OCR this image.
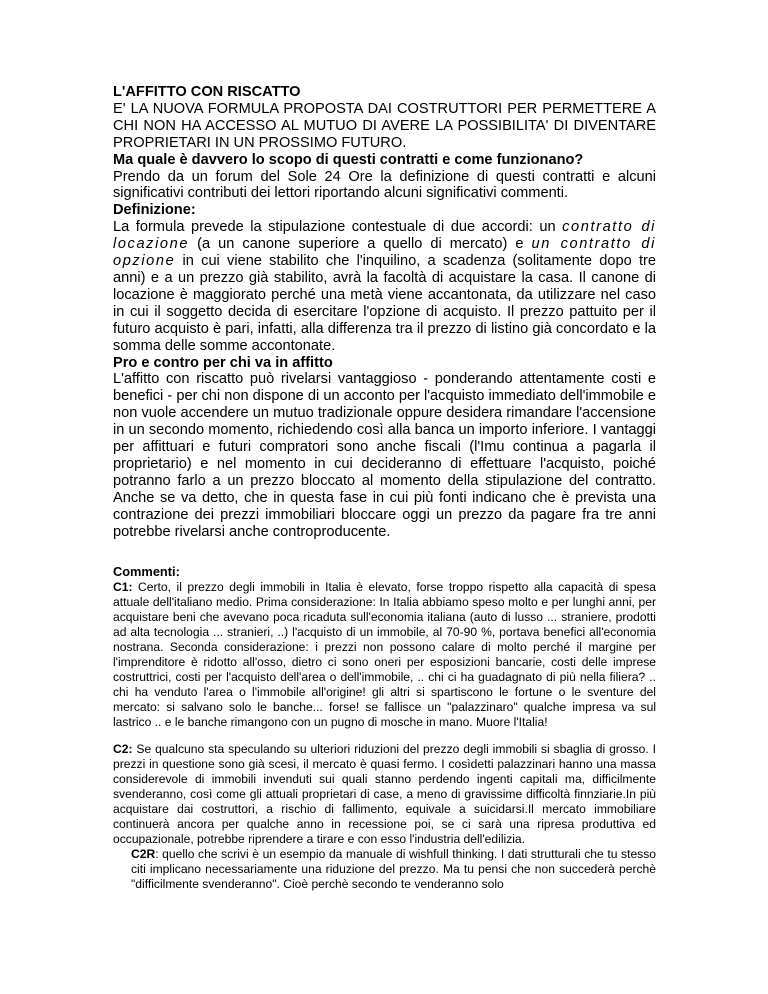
L'AFFITTO CON RISCATTO

E' LA NUOVA FORMULA PROPOSTA DAI COSTRUTTORI PER PERMETTERE A CHI NON HA ACCESSO AL MUTUO DI AVERE LA POSSIBILITA' DI DIVENTARE PROPRIETARI IN UN PROSSIMO FUTURO.

Ma quale è davvero lo scopo di questi contratti e come funzionano?

Prendo da un forum del Sole 24 Ore la definizione di questi contratti e alcuni significativi contributi dei lettori riportando alcuni significativi commenti.

Definizione:

La formula prevede la stipulazione contestuale di due accordi: un contratto di locazione (a un canone superiore a quello di mercato) e un contratto di opzione in cui viene stabilito che l'inquilino, a scadenza (solitamente dopo tre anni) e a un prezzo già stabilito, avrà la facoltà di acquistare la casa. Il canone di locazione è maggiorato perché una metà viene accantonata, da utilizzare nel caso in cui il soggetto decida di esercitare l'opzione di acquisto. Il prezzo pattuito per il futuro acquisto è pari, infatti, alla differenza tra il prezzo di listino già concordato e la somma delle somme accontonate.

Pro e contro per chi va in affitto

L'affitto con riscatto può rivelarsi vantaggioso - ponderando attentamente costi e benefici - per chi non dispone di un acconto per l'acquisto immediato dell'immobile e non vuole accendere un mutuo tradizionale oppure desidera rimandare l'accensione in un secondo momento, richiedendo così alla banca un importo inferiore. I vantaggi per affittuari e futuri compratori sono anche fiscali (l'Imu continua a pagarla il proprietario) e nel momento in cui decideranno di effettuare l'acquisto, poiché potranno farlo a un prezzo bloccato al momento della stipulazione del contratto. Anche se va detto, che in questa fase in cui più fonti indicano che è prevista una contrazione dei prezzi immobiliari bloccare oggi un prezzo da pagare fra tre anni potrebbe rivelarsi anche controproducente.

Commenti:

C1: Certo, il prezzo degli immobili in Italia è elevato, forse troppo rispetto alla capacità di spesa attuale dell'italiano medio. Prima considerazione: In Italia abbiamo speso molto e per lunghi anni, per acquistare beni che avevano poca ricaduta sull'economia italiana (auto di lusso ... straniere, prodotti ad alta tecnologia ... stranieri, ..) l'acquisto di un immobile, al 70-90 %, portava benefici all'economia nostrana. Seconda considerazione: i prezzi non possono calare di molto perché il margine per l'imprenditore è ridotto all'osso, dietro ci sono oneri per esposizioni bancarie, costi delle imprese costruttrici, costi per l'acquisto dell'area o dell'immobile, .. chi ci ha guadagnato di più nella filiera? .. chi ha venduto l'area o l'immobile all'origine! gli altri si spartiscono le fortune o le sventure del mercato: si salvano solo le banche... forse! se fallisce un "palazzinaro" qualche impresa va sul lastrico .. e le banche rimangono con un pugno di mosche in mano. Muore l'Italia!

C2: Se qualcuno sta speculando su ulteriori riduzioni del prezzo degli immobili si sbaglia di grosso. I prezzi in questione sono già scesi, il mercato è quasi fermo. I cosìdetti palazzinari hanno una massa considerevole di immobili invenduti sui quali stanno perdendo ingenti capitali ma, difficilmente svenderanno, così come gli attuali proprietari di case, a meno di gravissime difficoltà finnziarie.In più acquistare dai costruttori, a rischio di fallimento, equivale a suicidarsi.Il mercato immobiliare continuerà ancora per qualche anno in recessione poi, se ci sarà una ripresa produttiva ed occupazionale, potrebbe riprendere a tirare e con esso l'industria dell'edilizia.

C2R: quello che scrivi è un esempio da manuale di wishfull thinking. I dati strutturali che tu stesso citi implicano necessariamente una riduzione del prezzo. Ma tu pensi che non succederà perchè "difficilmente svenderanno". Cioè perchè secondo te venderanno solo
